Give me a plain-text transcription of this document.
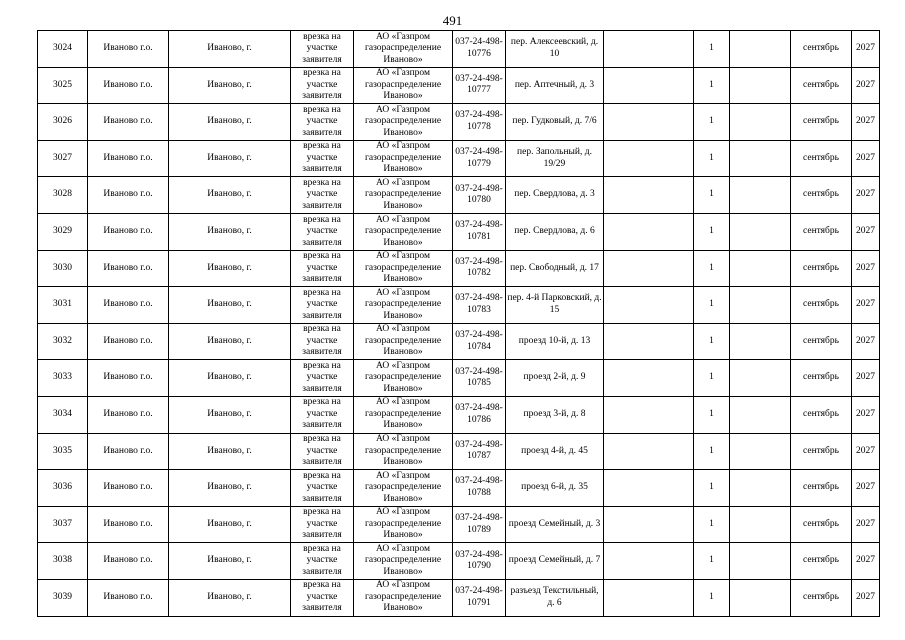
491
3024	Иваново г.о.	Иваново, г.	врезка на участке заявителя	АО «Газпром газораспределение Иваново»	037-24-498-10776	пер. Алексеевский, д. 10		1		сентябрь	2027
3025	Иваново г.о.	Иваново, г.	врезка на участке заявителя	АО «Газпром газораспределение Иваново»	037-24-498-10777	пер. Аптечный, д. 3		1		сентябрь	2027
3026	Иваново г.о.	Иваново, г.	врезка на участке заявителя	АО «Газпром газораспределение Иваново»	037-24-498-10778	пер. Гудковый, д. 7/6		1		сентябрь	2027
3027	Иваново г.о.	Иваново, г.	врезка на участке заявителя	АО «Газпром газораспределение Иваново»	037-24-498-10779	пер. Запольный, д. 19/29		1		сентябрь	2027
3028	Иваново г.о.	Иваново, г.	врезка на участке заявителя	АО «Газпром газораспределение Иваново»	037-24-498-10780	пер. Свердлова, д. 3		1		сентябрь	2027
3029	Иваново г.о.	Иваново, г.	врезка на участке заявителя	АО «Газпром газораспределение Иваново»	037-24-498-10781	пер. Свердлова, д. 6		1		сентябрь	2027
3030	Иваново г.о.	Иваново, г.	врезка на участке заявителя	АО «Газпром газораспределение Иваново»	037-24-498-10782	пер. Свободный, д. 17		1		сентябрь	2027
3031	Иваново г.о.	Иваново, г.	врезка на участке заявителя	АО «Газпром газораспределение Иваново»	037-24-498-10783	пер. 4-й Парковский, д. 15		1		сентябрь	2027
3032	Иваново г.о.	Иваново, г.	врезка на участке заявителя	АО «Газпром газораспределение Иваново»	037-24-498-10784	проезд 10-й, д. 13		1		сентябрь	2027
3033	Иваново г.о.	Иваново, г.	врезка на участке заявителя	АО «Газпром газораспределение Иваново»	037-24-498-10785	проезд 2-й, д. 9		1		сентябрь	2027
3034	Иваново г.о.	Иваново, г.	врезка на участке заявителя	АО «Газпром газораспределение Иваново»	037-24-498-10786	проезд 3-й, д. 8		1		сентябрь	2027
3035	Иваново г.о.	Иваново, г.	врезка на участке заявителя	АО «Газпром газораспределение Иваново»	037-24-498-10787	проезд 4-й, д. 45		1		сентябрь	2027
3036	Иваново г.о.	Иваново, г.	врезка на участке заявителя	АО «Газпром газораспределение Иваново»	037-24-498-10788	проезд 6-й, д. 35		1		сентябрь	2027
3037	Иваново г.о.	Иваново, г.	врезка на участке заявителя	АО «Газпром газораспределение Иваново»	037-24-498-10789	проезд Семейный, д. 3		1		сентябрь	2027
3038	Иваново г.о.	Иваново, г.	врезка на участке заявителя	АО «Газпром газораспределение Иваново»	037-24-498-10790	проезд Семейный, д. 7		1		сентябрь	2027
3039	Иваново г.о.	Иваново, г.	врезка на участке заявителя	АО «Газпром газораспределение Иваново»	037-24-498-10791	разъезд Текстильный, д. 6		1		сентябрь	2027
